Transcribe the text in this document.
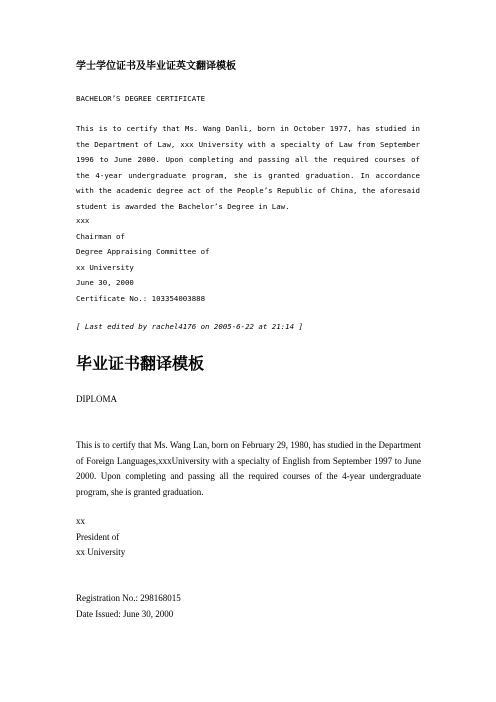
学士学位证书及毕业证英文翻译模板
BACHELOR’S DEGREE CERTIFICATE

This is to certify that Ms. Wang Danli, born in October 1977, has studied in the Department of Law, xxx University with a specialty of Law from September 1996 to June 2000. Upon completing and passing all the required courses of the 4-year undergraduate program, she is granted graduation. In accordance with the academic degree act of the People’s Republic of China, the aforesaid student is awarded the Bachelor’s Degree in Law.

xxx
Chairman of
Degree Appraising Committee of
xx University
June 30, 2000
Certificate No.: 103354003888
[ Last edited by rachel4176 on 2005-6-22 at 21:14 ]
毕业证书翻译模板
DIPLOMA

This is to certify that Ms. Wang Lan, born on February 29, 1980, has studied in the Department of Foreign Languages,xxxUniversity with a specialty of English from September 1997 to June 2000. Upon completing and passing all the required courses of the 4-year undergraduate program, she is granted graduation.

xx
President of
xx University
Registration No.: 298168015
Date Issued: June 30, 2000
